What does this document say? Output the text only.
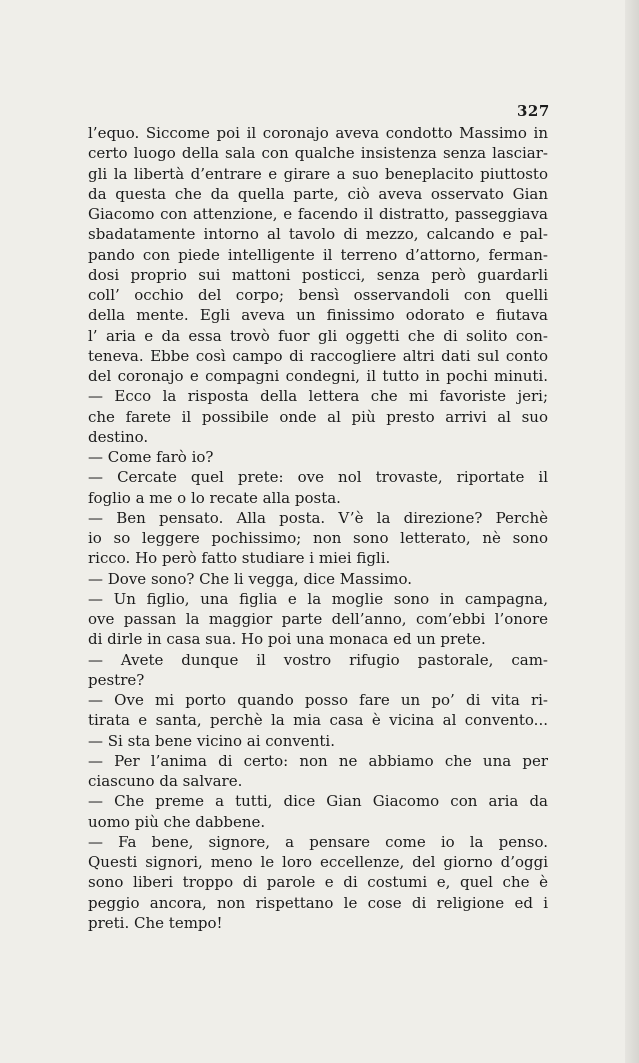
327
l’equo. Siccome poi il coronajo aveva condotto Massimo in
certo luogo della sala con qualche insistenza senza lasciar-
gli la libertà d’entrare e girare a suo beneplacito piuttosto
da questa che da quella parte, ciò aveva osservato Gian
Giacomo con attenzione, e facendo il distratto, passeggiava
sbadatamente intorno al tavolo di mezzo, calcando e pal-
pando con piede intelligente il terreno d’attorno, ferman-
dosi proprio sui mattoni posticci, senza però guardarli
coll’ occhio del corpo; bensì osservandoli con quelli
della mente. Egli aveva un finissimo odorato e fiutava
l’ aria e da essa trovò fuor gli oggetti che di solito con-
teneva. Ebbe così campo di raccogliere altri dati sul conto
del coronajo e compagni condegni, il tutto in pochi minuti.
— Ecco la risposta della lettera che mi favoriste jeri;
che farete il possibile onde al più presto arrivi al suo
destino.
— Come farò io?
— Cercate quel prete: ove nol trovaste, riportate il
foglio a me o lo recate alla posta.
— Ben pensato. Alla posta. V’è la direzione? Perchè
io so leggere pochissimo; non sono letterato, nè sono
ricco. Ho però fatto studiare i miei figli.
— Dove sono? Che li vegga, dice Massimo.
— Un figlio, una figlia e la moglie sono in campagna,
ove passan la maggior parte dell’anno, com’ebbi l’onore
di dirle in casa sua. Ho poi una monaca ed un prete.
— Avete dunque il vostro rifugio pastorale, cam-
pestre?
— Ove mi porto quando posso fare un po’ di vita ri-
tirata e santa, perchè la mia casa è vicina al convento...
— Si sta bene vicino ai conventi.
— Per l’anima di certo: non ne abbiamo che una per
ciascuno da salvare.
— Che preme a tutti, dice Gian Giacomo con aria da
uomo più che dabbene.
— Fa bene, signore, a pensare come io la penso.
Questi signori, meno le loro eccellenze, del giorno d’oggi
sono liberi troppo di parole e di costumi e, quel che è
peggio ancora, non rispettano le cose di religione ed i
preti. Che tempo!
